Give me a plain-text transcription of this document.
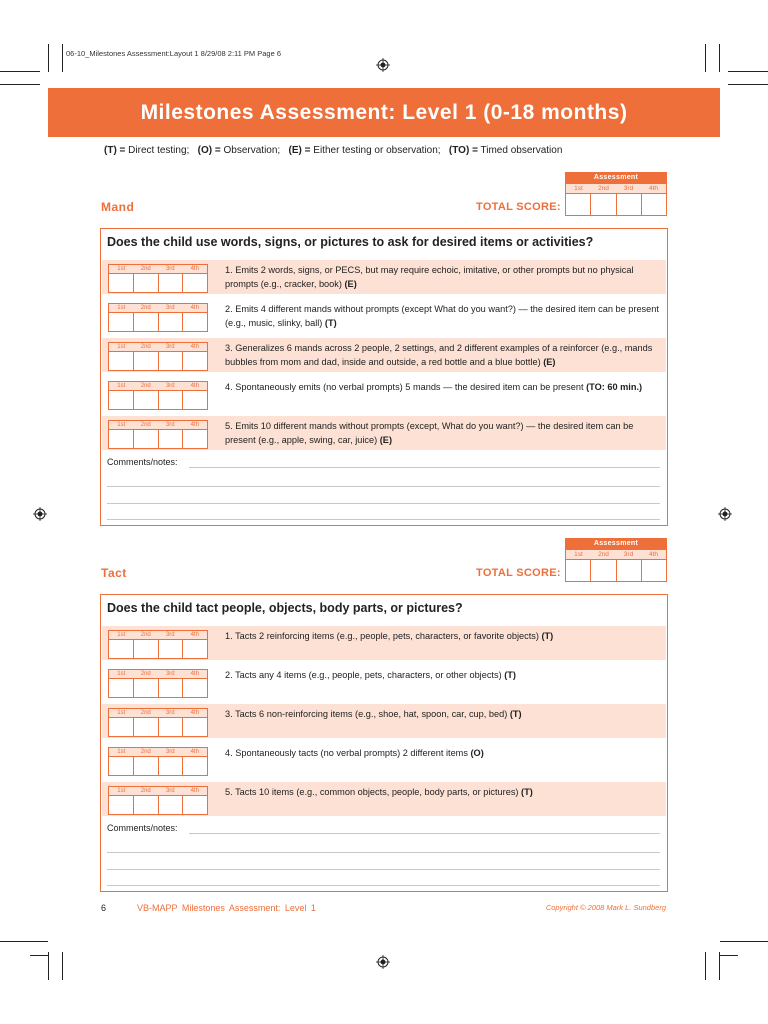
06-10_Milestones Assessment:Layout 1 8/29/08 2:11 PM Page 6
Milestones Assessment: Level 1 (0-18 months)
(T) = Direct testing; (O) = Observation; (E) = Either testing or observation; (TO) = Timed observation
Mand	TOTAL SCORE:
Assessment
1st	2nd	3rd	4th
Does the child use words, signs, or pictures to ask for desired items or activities?
1st	2nd	3rd	4th	1. Emits 2 words, signs, or PECS, but may require echoic, imitative, or other prompts but no physical prompts (e.g., cracker, book) (E)
1st	2nd	3rd	4th	2. Emits 4 different mands without prompts (except What do you want?) — the desired item can be present (e.g., music, slinky, ball) (T)
1st	2nd	3rd	4th	3. Generalizes 6 mands across 2 people, 2 settings, and 2 different examples of a reinforcer (e.g., mands bubbles from mom and dad, inside and outside, a red bottle and a blue bottle) (E)
1st	2nd	3rd	4th	4. Spontaneously emits (no verbal prompts) 5 mands — the desired item can be present (TO: 60 min.)
1st	2nd	3rd	4th	5. Emits 10 different mands without prompts (except, What do you want?) — the desired item can be present (e.g., apple, swing, car, juice) (E)
Comments/notes:
Tact	TOTAL SCORE:
Assessment
1st	2nd	3rd	4th
Does the child tact people, objects, body parts, or pictures?
1st	2nd	3rd	4th	1. Tacts 2 reinforcing items (e.g., people, pets, characters, or favorite objects) (T)
1st	2nd	3rd	4th	2. Tacts any 4 items (e.g., people, pets, characters, or other objects) (T)
1st	2nd	3rd	4th	3. Tacts 6 non-reinforcing items (e.g., shoe, hat, spoon, car, cup, bed) (T)
1st	2nd	3rd	4th	4. Spontaneously tacts (no verbal prompts) 2 different items (O)
1st	2nd	3rd	4th	5. Tacts 10 items (e.g., common objects, people, body parts, or pictures) (T)
Comments/notes:
6	VB-MAPP Milestones Assessment: Level 1	Copyright © 2008 Mark L. Sundberg
